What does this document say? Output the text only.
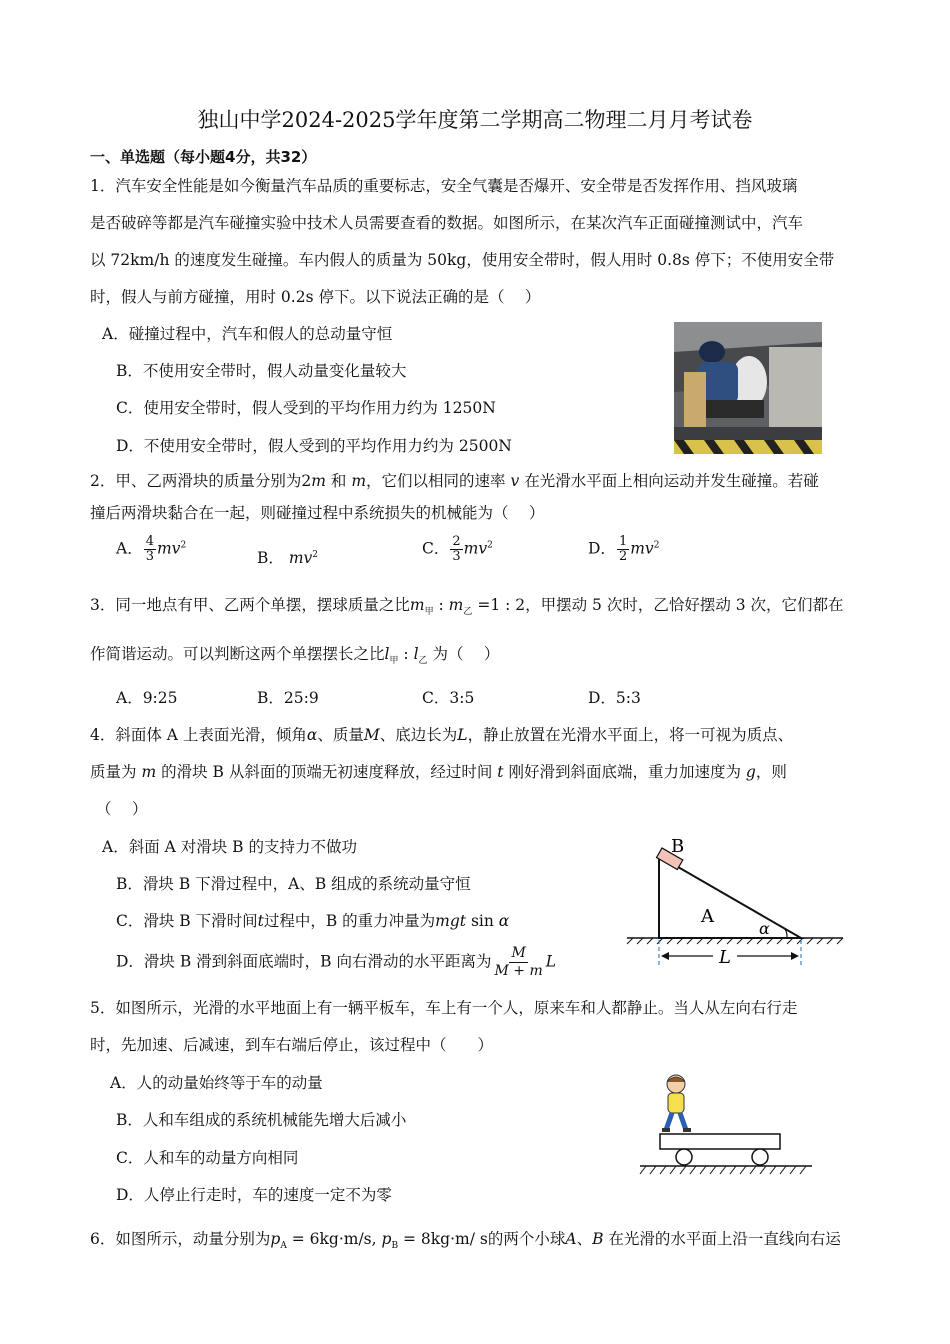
独山中学2024-2025学年度第二学期高二物理二月月考试卷
一、单选题（每小题4分，共32）
1．汽车安全性能是如今衡量汽车品质的重要标志，安全气囊是否爆开、安全带是否发挥作用、挡风玻璃
是否破碎等都是汽车碰撞实验中技术人员需要查看的数据。如图所示，在某次汽车正面碰撞测试中，汽车
以 72km/h 的速度发生碰撞。车内假人的质量为 50kg，使用安全带时，假人用时 0.8s 停下；不使用安全带
时，假人与前方碰撞，用时 0.2s 停下。以下说法正确的是（　 ）
A．碰撞过程中，汽车和假人的总动量守恒
B．不使用安全带时，假人动量变化量较大
C．使用安全带时，假人受到的平均作用力约为 1250N
D．不使用安全带时，假人受到的平均作用力约为 2500N
2．甲、乙两滑块的质量分别为2m 和 m，它们以相同的速率 v 在光滑水平面上相向运动并发生碰撞。若碰
撞后两滑块黏合在一起，则碰撞过程中系统损失的机械能为（　 ）
A． $\frac{4}{3} mv^2$
B． $mv^2$	C． $\frac{2}{3} mv^2$	D． $\frac{1}{2} mv^2$
3．同一地点有甲、乙两个单摆，摆球质量之比$m_甲$ : $m_乙 =1$ : 2，甲摆动 5 次时，乙恰好摆动 3 次，它们都在
作简谐运动。可以判断这两个单摆摆长之比$l_甲$ : $l_乙$ 为（　 ）
A．9:25	B．25:9	C．3:5	D．5:3
4．斜面体 A 上表面光滑，倾角α、质量M、底边长为L，静止放置在光滑水平面上，将一可视为质点、
质量为 m 的滑块 B 从斜面的顶端无初速度释放，经过时间 t 刚好滑到斜面底端，重力加速度为 g，则
（　 ）
A．斜面 A 对滑块 B 的支持力不做功
B．滑块 B 下滑过程中，A、B 组成的系统动量守恒
C．滑块 B 下滑时间t过程中，B 的重力冲量为mgt sin α
D．滑块 B 滑到斜面底端时，B 向右滑动的水平距离为 $\frac{M}{M + m}$ L
B
A
α
L
5．如图所示，光滑的水平地面上有一辆平板车，车上有一个人，原来车和人都静止。当人从左向右行走
时，先加速、后减速，到车右端后停止，该过程中（　　）
A．人的动量始终等于车的动量
B．人和车组成的系统机械能先增大后减小
C．人和车的动量方向相同
D．人停止行走时，车的速度一定不为零
6．如图所示，动量分别为$p_A = 6kg\cdot m/s$, $p_B = 8kg\cdot m/$ s的两个小球A、B 在光滑的水平面上沿一直线向右运
